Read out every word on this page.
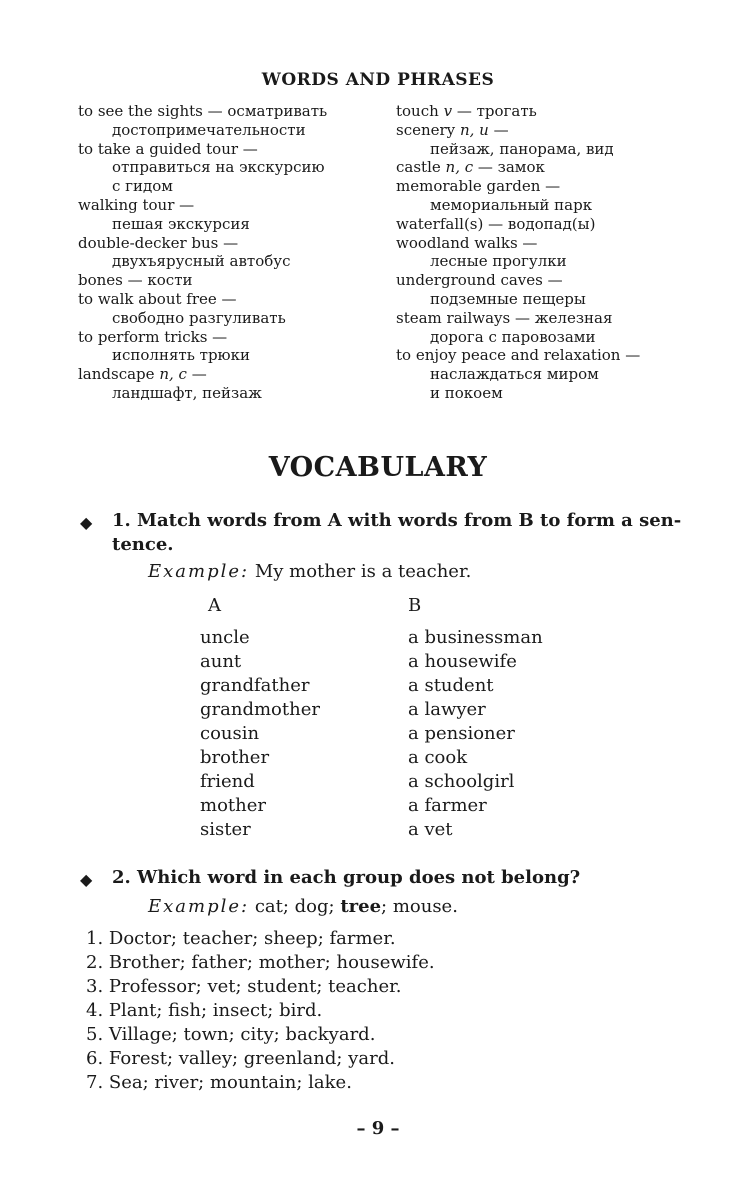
WORDS AND PHRASES
to see the sights — осматривать
достопримечательности
to take a guided tour —
отправиться на экскурсию
с гидом
walking tour —
пешая экскурсия
double-decker bus —
двухъярусный автобус
bones — кости
to walk about free —
свободно разгуливать
to perform tricks —
исполнять трюки
landscape n, c —
ландшафт, пейзаж
touch v — трогать
scenery n, u —
пейзаж, панорама, вид
castle n, c — замок
memorable garden —
мемориальный парк
waterfall(s) — водопад(ы)
woodland walks —
лесные прогулки
underground caves —
подземные пещеры
steam railways — железная
дорога с паровозами
to enjoy peace and relaxation —
наслаждаться миром
и покоем
VOCABULARY
◆ 1. Match words from A with words from B to form a sen-
tence.
Example: My mother is a teacher.
A
uncle
aunt
grandfather
grandmother
cousin
brother
friend
mother
sister
B
a businessman
a housewife
a student
a lawyer
a pensioner
a cook
a schoolgirl
a farmer
a vet
◆ 2. Which word in each group does not belong?
Example: cat; dog; tree; mouse.
1. Doctor; teacher; sheep; farmer.
2. Brother; father; mother; housewife.
3. Professor; vet; student; teacher.
4. Plant; fish; insect; bird.
5. Village; town; city; backyard.
6. Forest; valley; greenland; yard.
7. Sea; river; mountain; lake.
– 9 –
